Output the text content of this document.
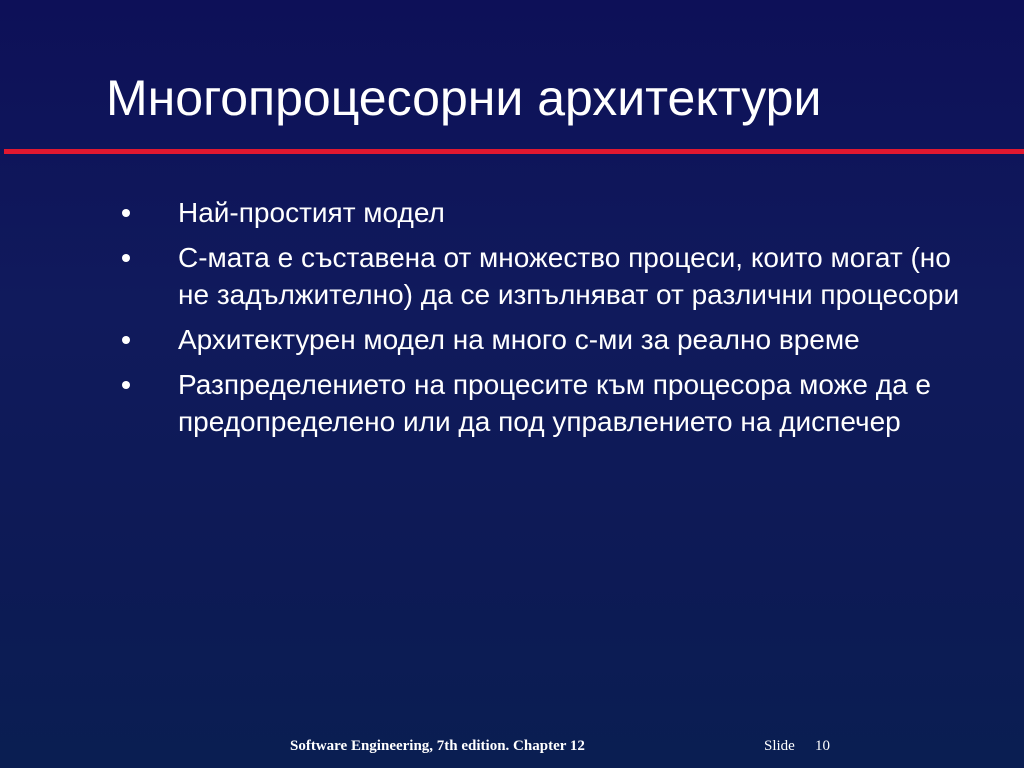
Многопроцесорни архитектури
Най-простият модел
С-мата е съставена от множество процеси, които могат (но не задължително) да се изпълняват от различни процесори
Архитектурен модел на много с-ми за реално време
Разпределението на процесите към процесора може да е предопределено или да под управлението на диспечер
Software Engineering, 7th edition. Chapter 12	Slide 10
